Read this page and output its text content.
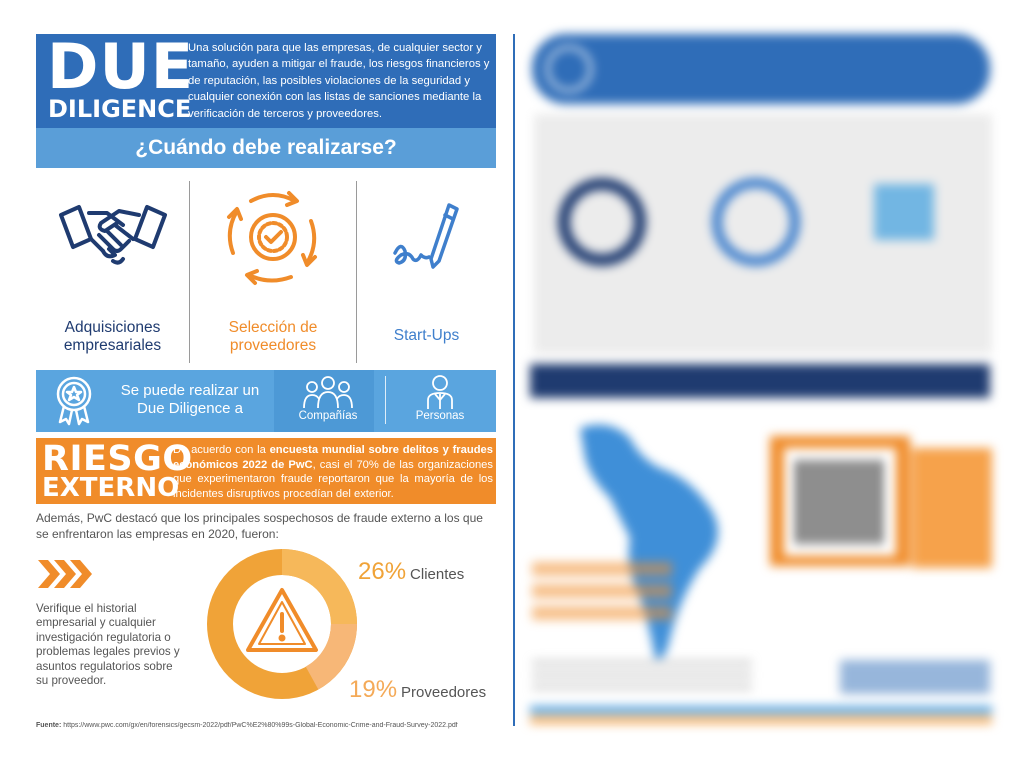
DUE
DILIGENCE
Una solución para que las empresas, de cualquier sector y tamaño, ayuden a mitigar el fraude, los riesgos financieros y de reputación, las posibles violaciones de la seguridad y cualquier conexión con las listas de sanciones mediante la verificación de terceros y proveedores.
¿Cuándo debe realizarse?
Adquisiciones
empresariales
Selección de
proveedores
Start-Ups
Se puede realizar un
Due Diligence a	Compañías	Personas
RIESGO
EXTERNO
De acuerdo con la encuesta mundial sobre delitos y fraudes económicos 2022 de PwC, casi el 70% de las organizaciones que experimentaron fraude reportaron que la mayoría de los incidentes disruptivos procedían del exterior.
Además, PwC destacó que los principales sospechosos de fraude externo a los que se enfrentaron las empresas en 2020, fueron:
Verifique el historial empresarial y cualquier investigación regulatoria o problemas legales previos y asuntos regulatorios sobre su proveedor.
26% Clientes
19% Proveedores
Fuente: https://www.pwc.com/gx/en/forensics/gecsm-2022/pdf/PwC%E2%80%99s-Global-Economic-Crime-and-Fraud-Survey-2022.pdf
